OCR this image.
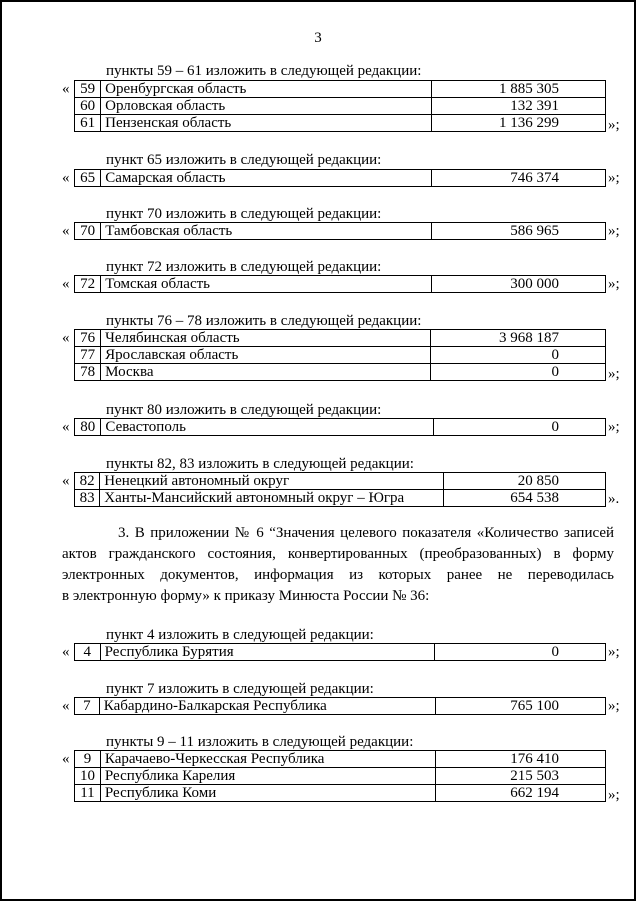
3
пункты 59 – 61 изложить в следующей редакции:
59	Оренбургская область	1 885 305
60	Орловская область	132 391
61	Пензенская область	1 136 299
«
»;
пункт 65 изложить в следующей редакции:
65	Самарская область	746 374
«	»;
пункт 70 изложить в следующей редакции:
70	Тамбовская область	586 965
«	»;
пункт 72 изложить в следующей редакции:
72	Томская область	300 000
«	»;
пункты 76 – 78 изложить в следующей редакции:
76	Челябинская область	3 968 187
77	Ярославская область	0
78	Москва	0
«
»;
пункт 80 изложить в следующей редакции:
80	Севастополь	0
«	»;
пункты 82, 83 изложить в следующей редакции:
82	Ненецкий автономный округ	20 850
83	Ханты-Мансийский автономный округ – Югра	654 538
«
».
3. В приложении № 6 “Значения целевого показателя «Количество записей
актов гражданского состояния, конвертированных (преобразованных) в форму
электронных документов, информация из которых ранее не переводилась
в электронную форму» к приказу Минюста России № 36:
пункт 4 изложить в следующей редакции:
4	Республика Бурятия	0
«	»;
пункт 7 изложить в следующей редакции:
7	Кабардино-Балкарская Республика	765 100
«	»;
пункты 9 – 11 изложить в следующей редакции:
9	Карачаево-Черкесская Республика	176 410
10	Республика Карелия	215 503
11	Республика Коми	662 194
«
»;
